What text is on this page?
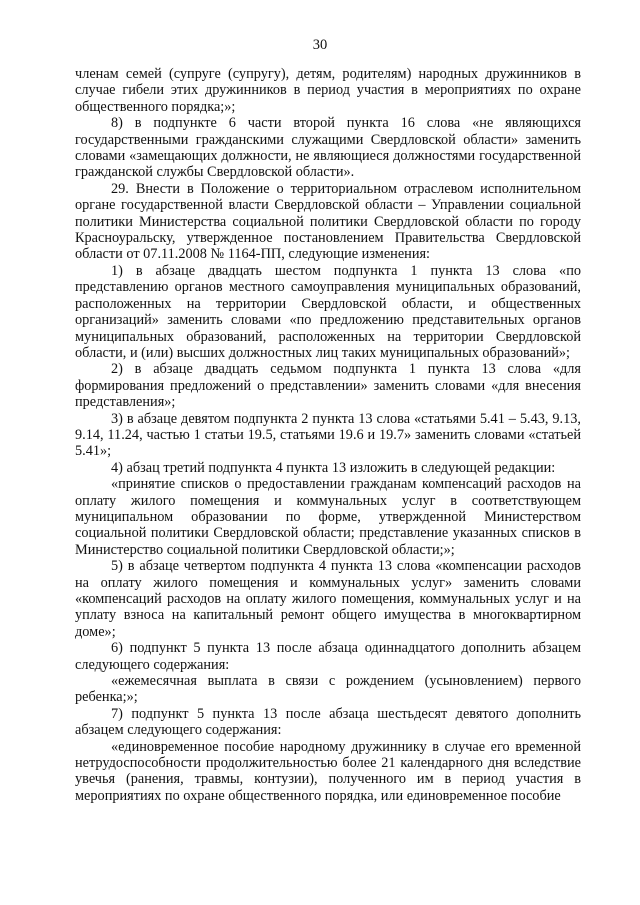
30

членам семей (супруге (супругу), детям, родителям) народных дружинников в случае гибели этих дружинников в период участия в мероприятиях по охране общественного порядка;»;

8) в подпункте 6 части второй пункта 16 слова «не являющихся государственными гражданскими служащими Свердловской области» заменить словами «замещающих должности, не являющиеся должностями государственной гражданской службы Свердловской области».

29. Внести в Положение о территориальном отраслевом исполнительном органе государственной власти Свердловской области – Управлении социальной политики Министерства социальной политики Свердловской области по городу Красноуральску, утвержденное постановлением Правительства Свердловской области от 07.11.2008 № 1164-ПП, следующие изменения:

1) в абзаце двадцать шестом подпункта 1 пункта 13 слова «по представлению органов местного самоуправления муниципальных образований, расположенных на территории Свердловской области, и общественных организаций» заменить словами «по предложению представительных органов муниципальных образований, расположенных на территории Свердловской области, и (или) высших должностных лиц таких муниципальных образований»;

2) в абзаце двадцать седьмом подпункта 1 пункта 13 слова «для формирования предложений о представлении» заменить словами «для внесения представления»;

3) в абзаце девятом подпункта 2 пункта 13 слова «статьями 5.41 – 5.43, 9.13, 9.14, 11.24, частью 1 статьи 19.5, статьями 19.6 и 19.7» заменить словами «статьей 5.41»;

4) абзац третий подпункта 4 пункта 13 изложить в следующей редакции:

«принятие списков о предоставлении гражданам компенсаций расходов на оплату жилого помещения и коммунальных услуг в соответствующем муниципальном образовании по форме, утвержденной Министерством социальной политики Свердловской области; представление указанных списков в Министерство социальной политики Свердловской области;»;

5) в абзаце четвертом подпункта 4 пункта 13 слова «компенсации расходов на оплату жилого помещения и коммунальных услуг» заменить словами «компенсаций расходов на оплату жилого помещения, коммунальных услуг и на уплату взноса на капитальный ремонт общего имущества в многоквартирном доме»;

6) подпункт 5 пункта 13 после абзаца одиннадцатого дополнить абзацем следующего содержания:

«ежемесячная выплата в связи с рождением (усыновлением) первого ребенка;»;

7) подпункт 5 пункта 13 после абзаца шестьдесят девятого дополнить абзацем следующего содержания:

«единовременное пособие народному дружиннику в случае его временной нетрудоспособности продолжительностью более 21 календарного дня вследствие увечья (ранения, травмы, контузии), полученного им в период участия в мероприятиях по охране общественного порядка, или единовременное пособие
